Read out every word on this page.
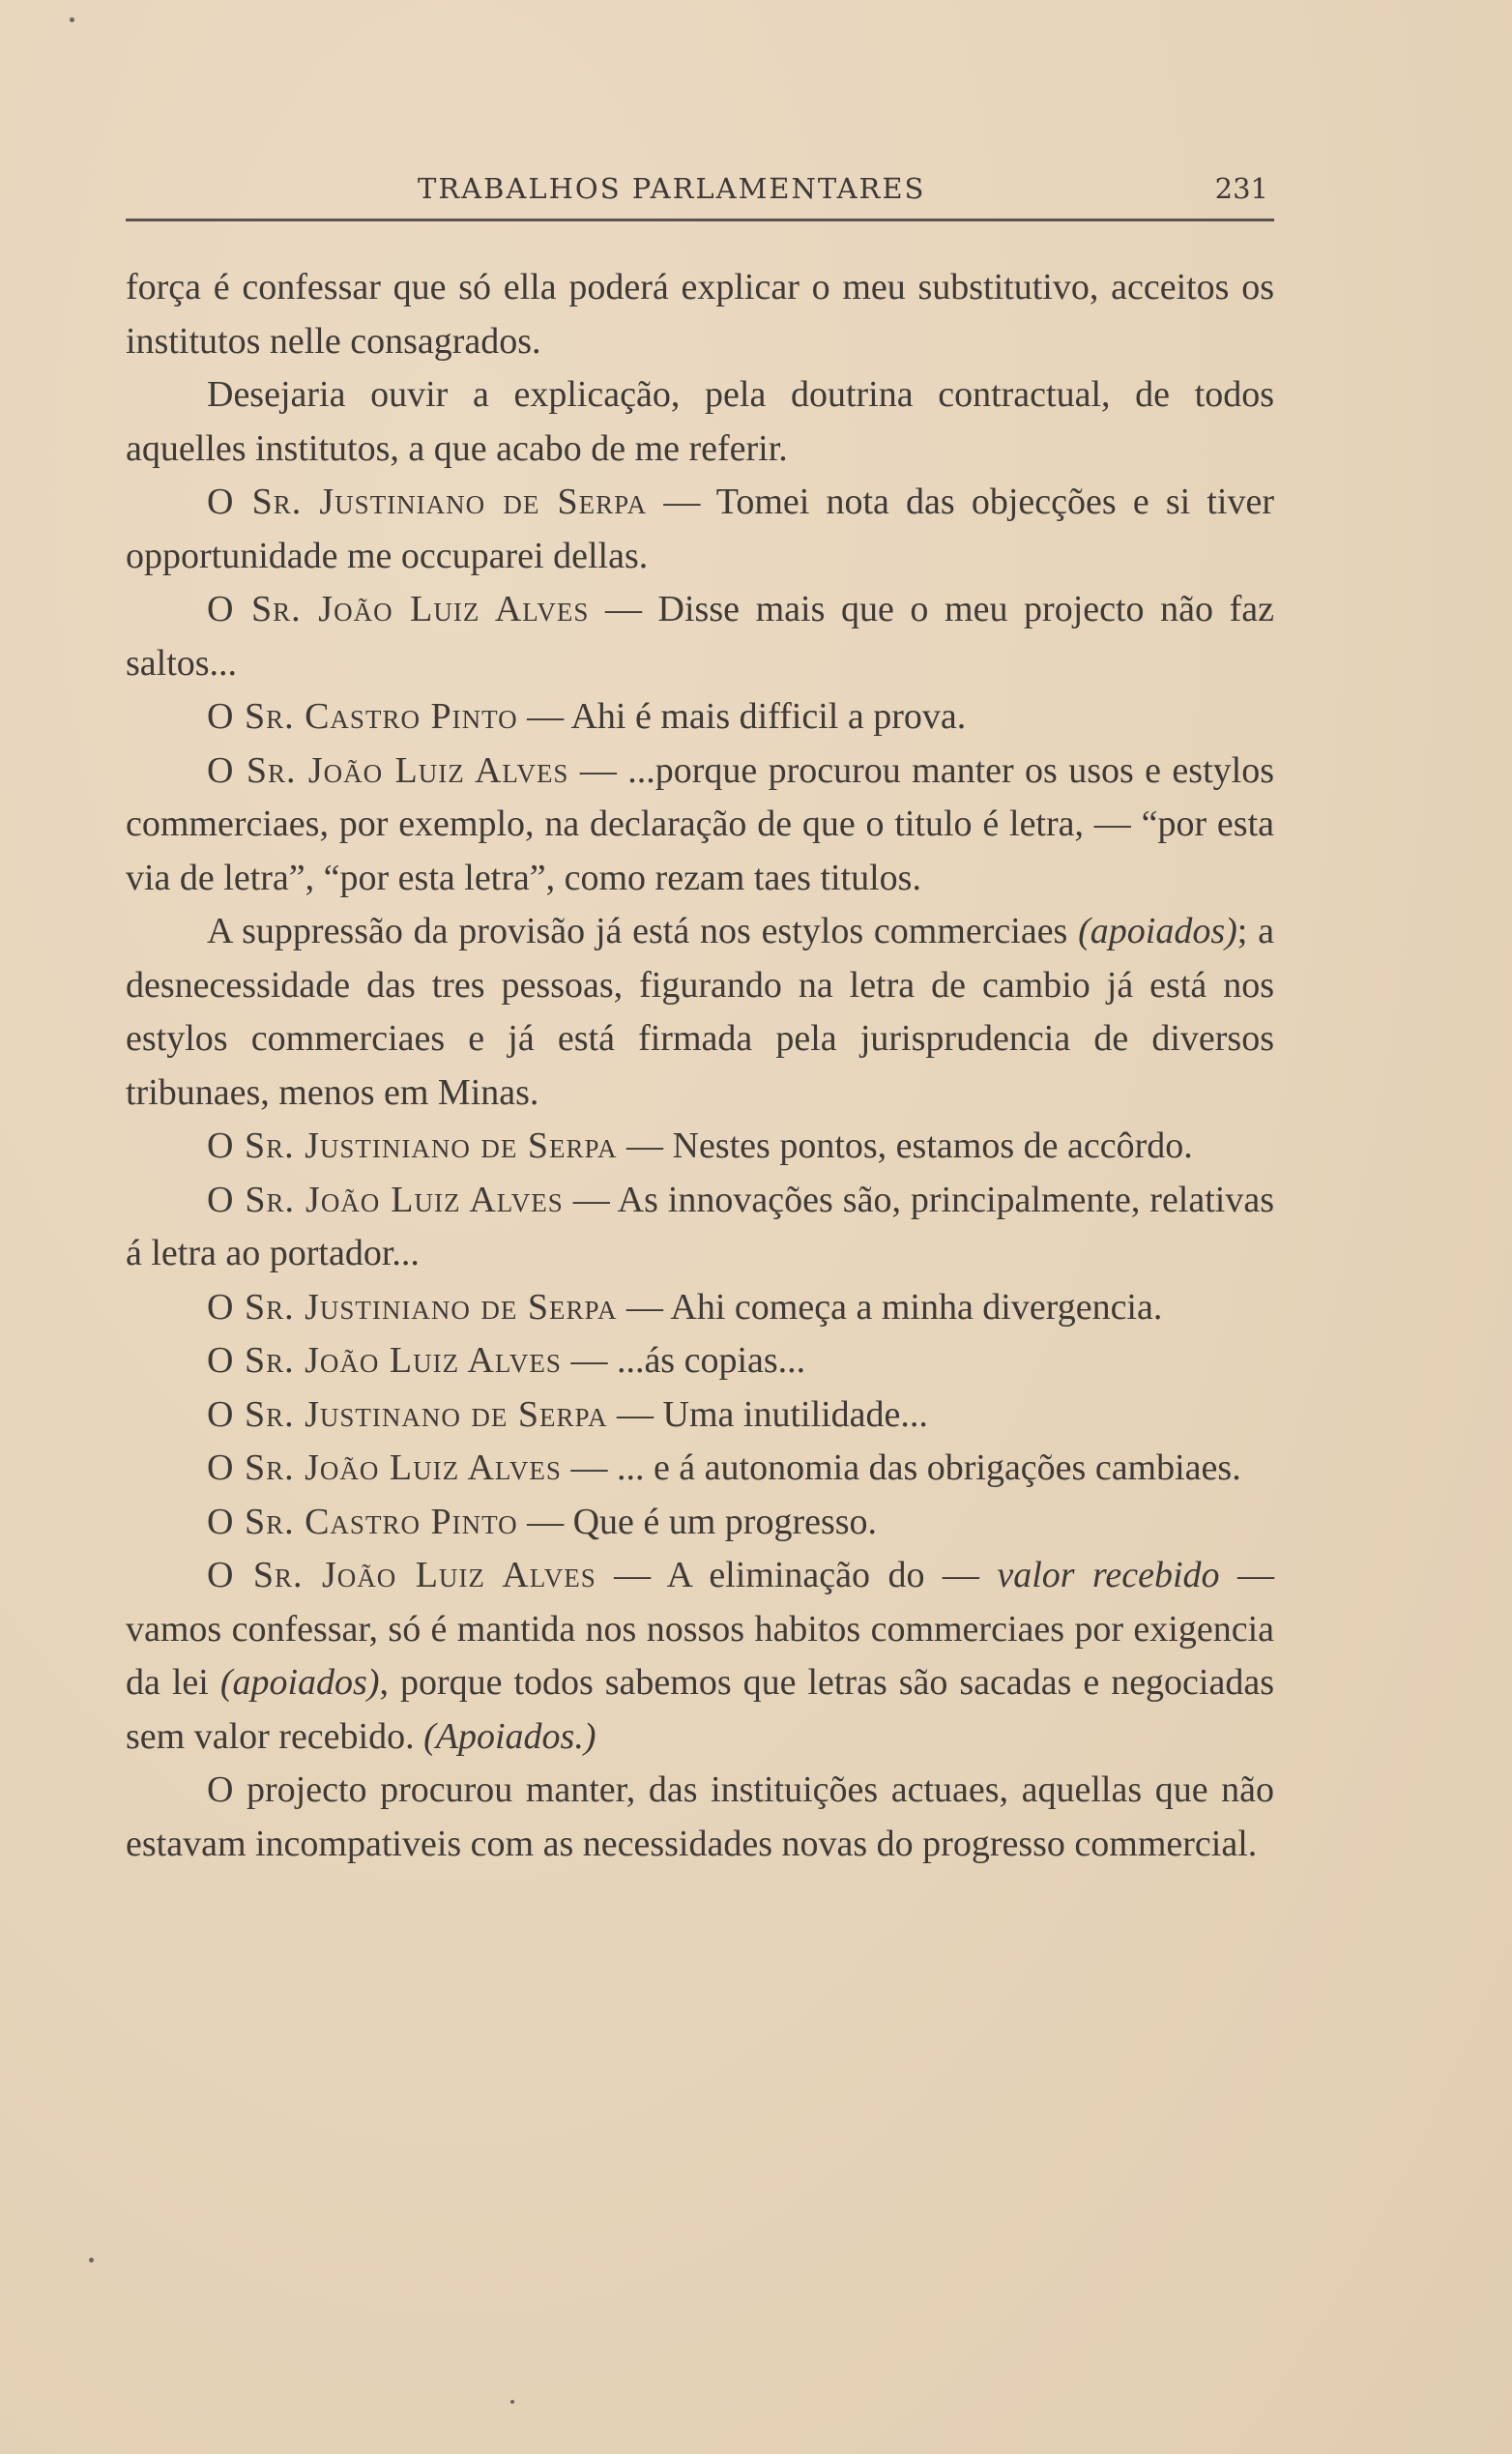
TRABALHOS PARLAMENTARES	231

força é confessar que só ella poderá explicar o meu substitutivo, acceitos os institutos nelle consagrados.

Desejaria ouvir a explicação, pela doutrina contractual, de todos aquelles institutos, a que acabo de me referir.

O Sr. Justiniano de Serpa — Tomei nota das objecções e si tiver opportunidade me occuparei dellas.

O Sr. João Luiz Alves — Disse mais que o meu projecto não faz saltos...

O Sr. Castro Pinto — Ahi é mais difficil a prova.

O Sr. João Luiz Alves — ...porque procurou manter os usos e estylos commerciaes, por exemplo, na declaração de que o titulo é letra, — “por esta via de letra”, “por esta letra”, como rezam taes titulos.

A suppressão da provisão já está nos estylos commerciaes (apoiados); a desnecessidade das tres pessoas, figurando na letra de cambio já está nos estylos commerciaes e já está firmada pela jurisprudencia de diversos tribunaes, menos em Minas.

O Sr. Justiniano de Serpa — Nestes pontos, estamos de accôrdo.

O Sr. João Luiz Alves — As innovações são, principalmente, relativas á letra ao portador...

O Sr. Justiniano de Serpa — Ahi começa a minha divergencia.

O Sr. João Luiz Alves — ...ás copias...

O Sr. Justinano de Serpa — Uma inutilidade...

O Sr. João Luiz Alves — ... e á autonomia das obrigações cambiaes.

O Sr. Castro Pinto — Que é um progresso.

O Sr. João Luiz Alves — A eliminação do — valor recebido — vamos confessar, só é mantida nos nossos habitos commerciaes por exigencia da lei (apoiados), porque todos sabemos que letras são sacadas e negociadas sem valor recebido. (Apoiados.)

O projecto procurou manter, das instituições actuaes, aquellas que não estavam incompativeis com as necessidades novas do progresso commercial.
